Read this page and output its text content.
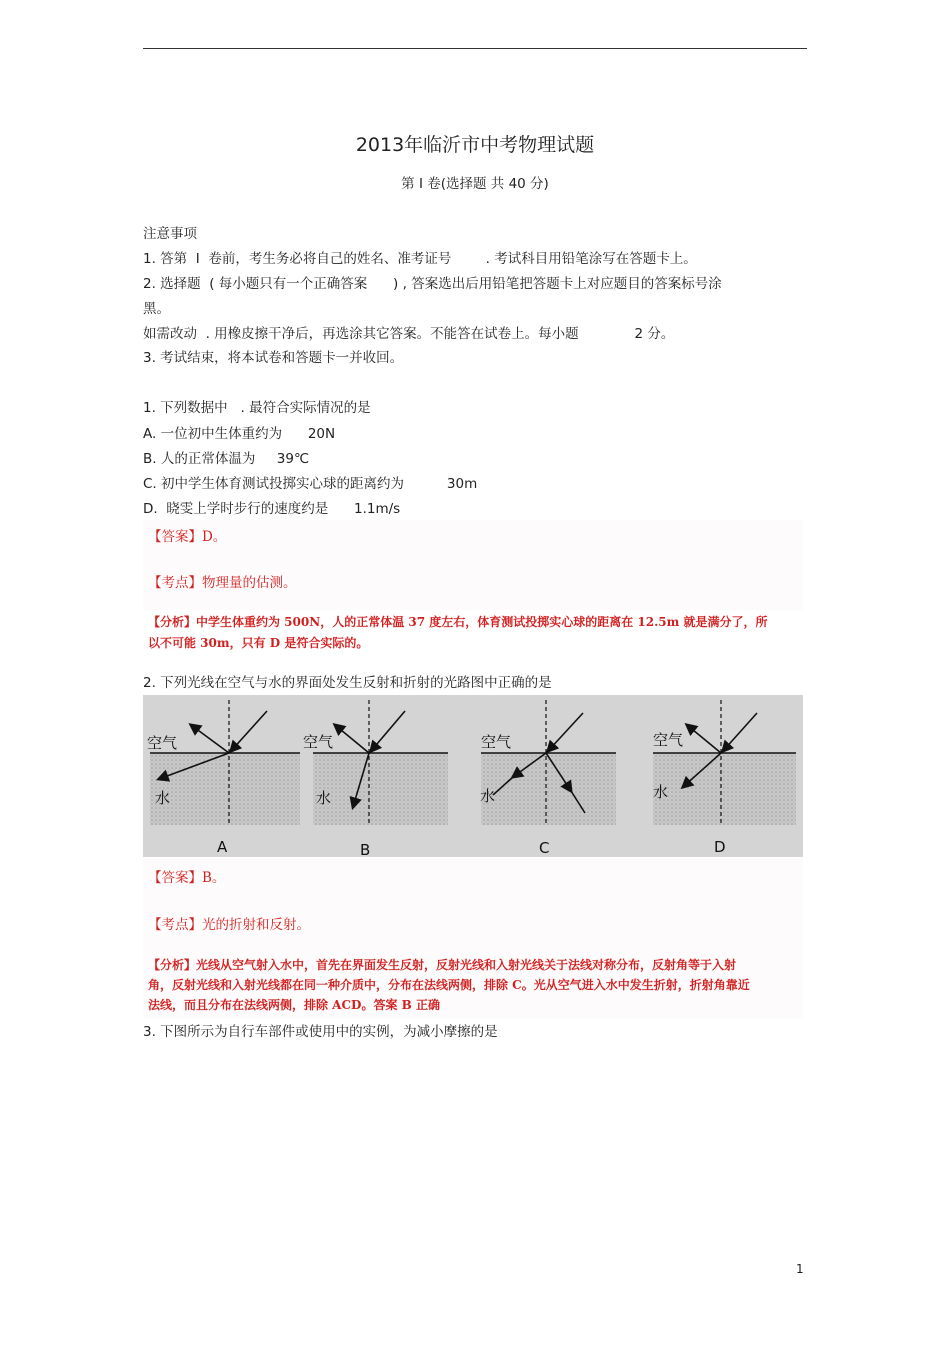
2013年临沂市中考物理试题
第 Ⅰ 卷(选择题 共 40 分)
注意事项
1. 答第  Ⅰ  卷前，考生务必将自己的姓名、准考证号        . 考试科目用铅笔涂写在答题卡上。
2. 选择题  ( 每小题只有一个正确答案      ) , 答案选出后用铅笔把答题卡上对应题目的答案标号涂
黑。
如需改动  . 用橡皮擦干净后，再选涂其它答案。不能答在试卷上。每小题             2 分。
3. 考试结束，将本试卷和答题卡一并收回。
1. 下列数据中   . 最符合实际情况的是
A. 一位初中生体重约为      20N
B. 人的正常体温为     39℃
C. 初中学生体育测试投掷实心球的距离约为          30m
D.  晓雯上学时步行的速度约是      1.1m/s
【答案】D。
【考点】物理量的估测。
【分析】中学生体重约为 500N，人的正常体温 37 度左右，体育测试投掷实心球的距离在 12.5m 就是满分了，所
以不可能 30m，只有 D 是符合实际的。
2. 下列光线在空气与水的界面处发生反射和折射的光路图中正确的是
空气
水
A
空气
水
B
空气
水
C
空气
水
D
【答案】B。
【考点】光的折射和反射。
【分析】光线从空气射入水中，首先在界面发生反射，反射光线和入射光线关于法线对称分布，反射角等于入射
角，反射光线和入射光线都在同一种介质中，分布在法线两侧，排除 C。光从空气进入水中发生折射，折射角靠近
法线，而且分布在法线两侧，排除 ACD。答案 B 正确
3. 下图所示为自行车部件或使用中的实例，为减小摩擦的是
1
